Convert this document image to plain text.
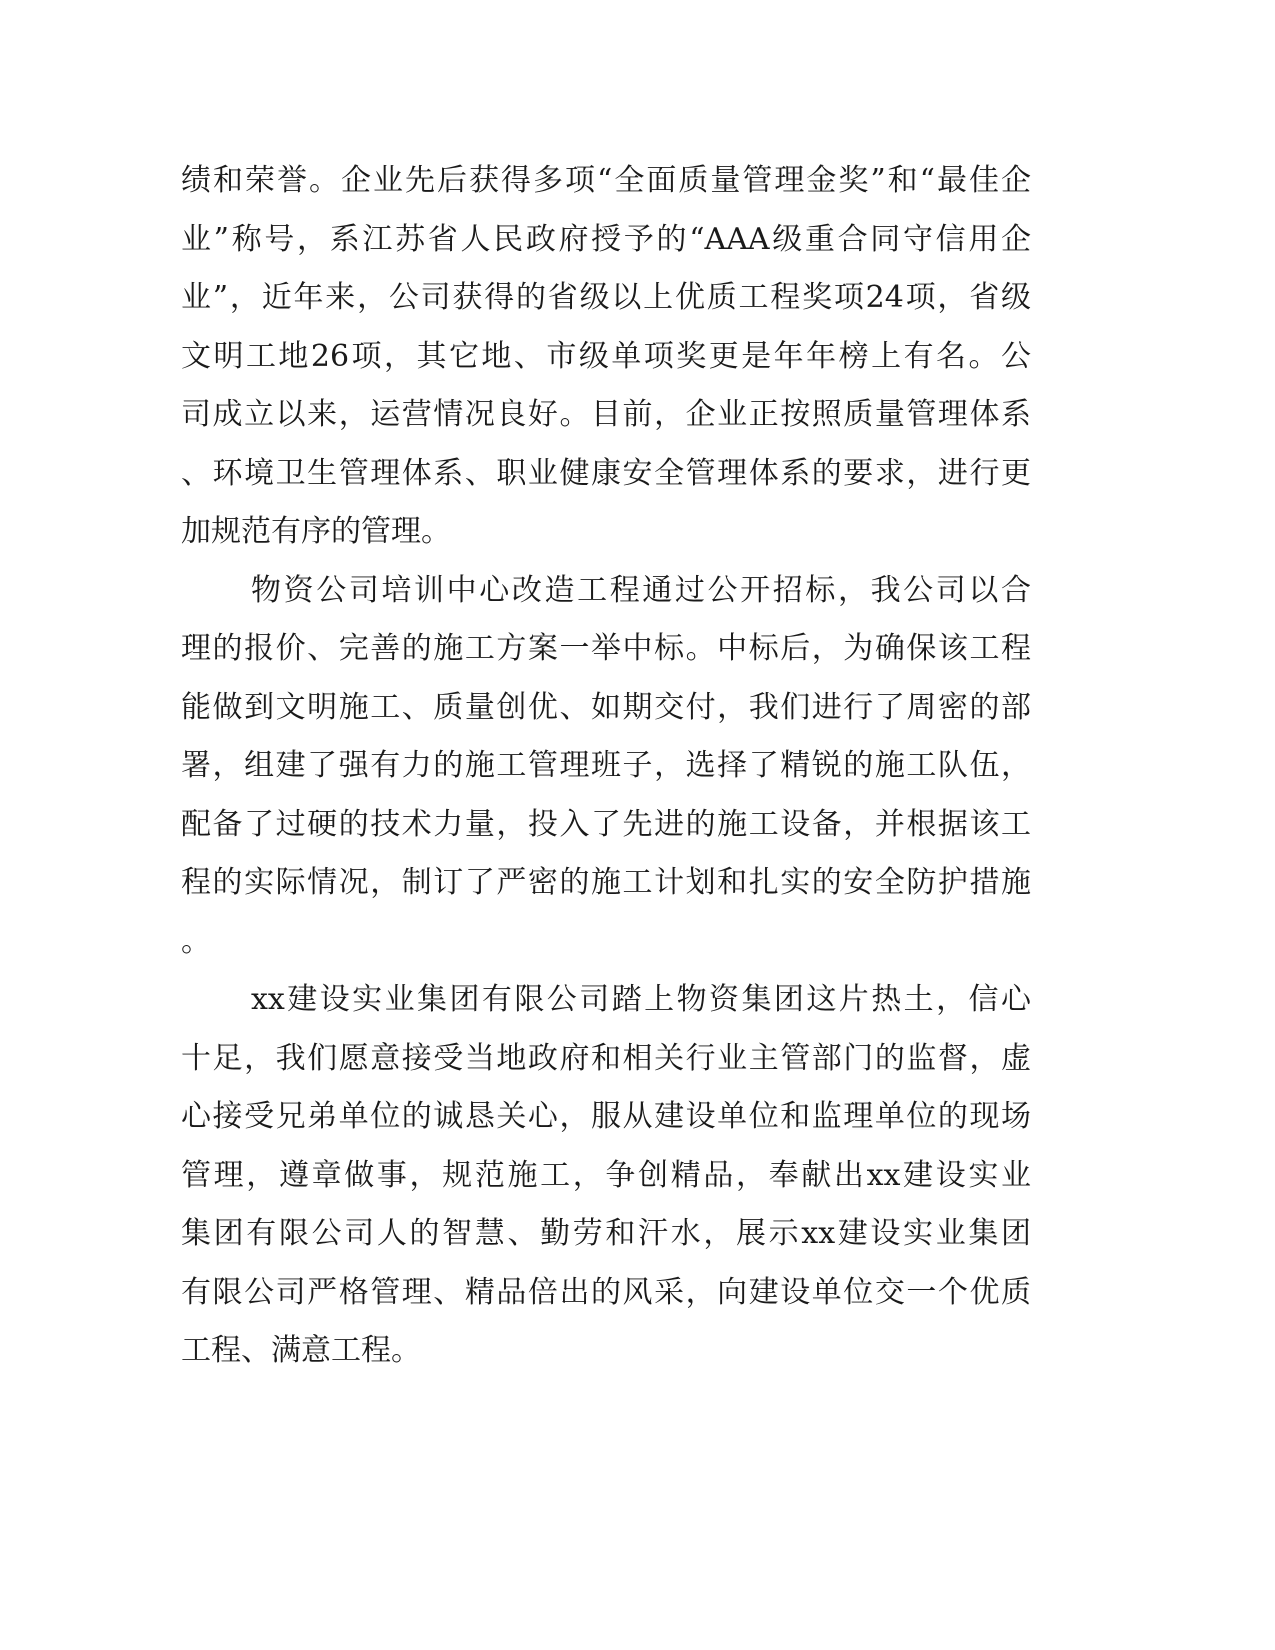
绩和荣誉。企业先后获得多项“全面质量管理金奖”和“最佳企
业”称号，系江苏省人民政府授予的“AAA级重合同守信用企
业”，近年来，公司获得的省级以上优质工程奖项24项，省级
文明工地26项，其它地、市级单项奖更是年年榜上有名。公
司成立以来，运营情况良好。目前，企业正按照质量管理体系
、环境卫生管理体系、职业健康安全管理体系的要求，进行更
加规范有序的管理。
物资公司培训中心改造工程通过公开招标，我公司以合
理的报价、完善的施工方案一举中标。中标后，为确保该工程
能做到文明施工、质量创优、如期交付，我们进行了周密的部
署，组建了强有力的施工管理班子，选择了精锐的施工队伍，
配备了过硬的技术力量，投入了先进的施工设备，并根据该工
程的实际情况，制订了严密的施工计划和扎实的安全防护措施
。
xx建设实业集团有限公司踏上物资集团这片热土，信心
十足，我们愿意接受当地政府和相关行业主管部门的监督，虚
心接受兄弟单位的诚恳关心，服从建设单位和监理单位的现场
管理，遵章做事，规范施工，争创精品，奉献出xx建设实业
集团有限公司人的智慧、勤劳和汗水，展示xx建设实业集团
有限公司严格管理、精品倍出的风采，向建设单位交一个优质
工程、满意工程。
